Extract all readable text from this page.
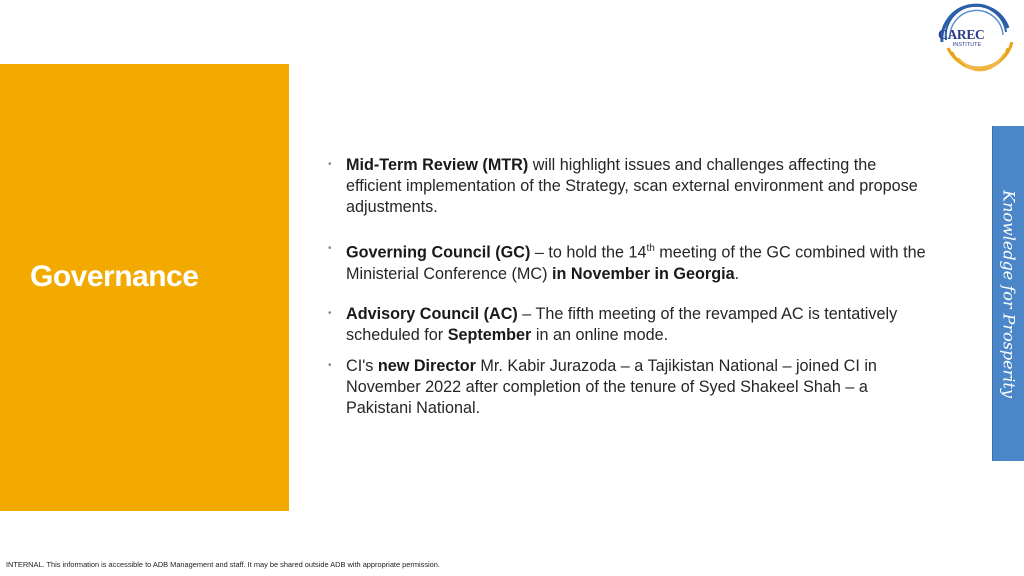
CAREC
INSTITUTE
Governance
• Mid-Term Review (MTR) will highlight issues and challenges affecting the efficient implementation of the Strategy, scan external environment and propose adjustments.
• Governing Council (GC) – to hold the 14th meeting of the GC combined with the Ministerial Conference (MC) in November in Georgia.
• Advisory Council (AC) – The fifth meeting of the revamped AC is tentatively scheduled for September in an online mode.
• CI's new Director Mr. Kabir Jurazoda – a Tajikistan National – joined CI in November 2022 after completion of the tenure of Syed Shakeel Shah – a Pakistani National.
Knowledge for Prosperity
INTERNAL. This information is accessible to ADB Management and staff. It may be shared outside ADB with appropriate permission.
